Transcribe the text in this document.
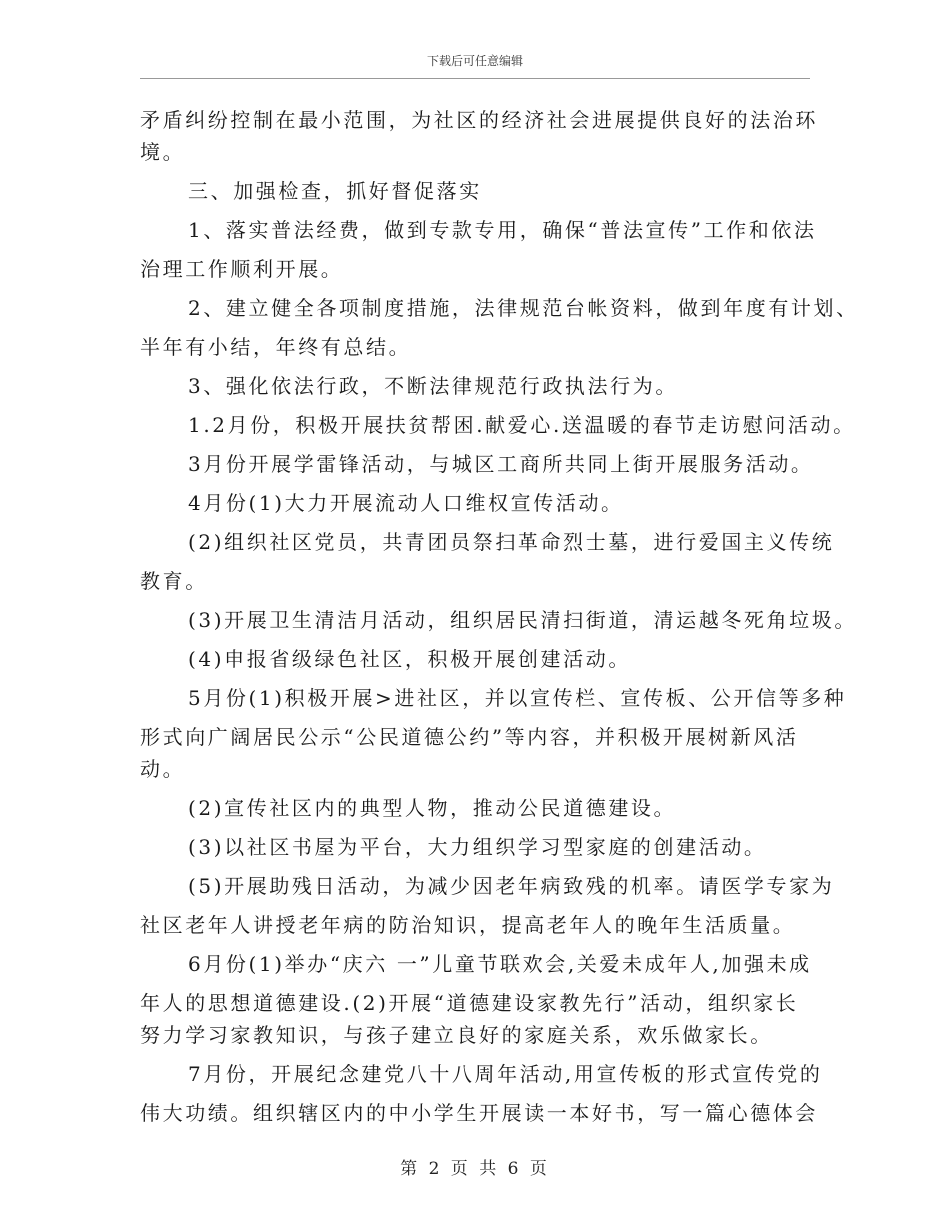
下载后可任意编辑
矛盾纠纷控制在最小范围，为社区的经济社会进展提供良好的法治环
境。
三、加强检查，抓好督促落实
1、落实普法经费，做到专款专用，确保“普法宣传”工作和依法
治理工作顺利开展。
2、建立健全各项制度措施，法律规范台帐资料，做到年度有计划、
半年有小结，年终有总结。
3、强化依法行政，不断法律规范行政执法行为。
1.2月份，积极开展扶贫帮困.献爱心.送温暖的春节走访慰问活动。
3月份开展学雷锋活动，与城区工商所共同上街开展服务活动。
4月份(1)大力开展流动人口维权宣传活动。
(2)组织社区党员，共青团员祭扫革命烈士墓，进行爱国主义传统
教育。
(3)开展卫生清洁月活动，组织居民清扫街道，清运越冬死角垃圾。
(4)申报省级绿色社区，积极开展创建活动。
5月份(1)积极开展>进社区，并以宣传栏、宣传板、公开信等多种
形式向广阔居民公示“公民道德公约”等内容，并积极开展树新风活
动。
(2)宣传社区内的典型人物，推动公民道德建设。
(3)以社区书屋为平台，大力组织学习型家庭的创建活动。
(5)开展助残日活动，为减少因老年病致残的机率。请医学专家为
社区老年人讲授老年病的防治知识，提高老年人的晚年生活质量。
6月份(1)举办“庆六 一”儿童节联欢会,关爱未成年人,加强未成
年人的思想道德建设.(2)开展“道德建设家教先行”活动，组织家长
努力学习家教知识，与孩子建立良好的家庭关系，欢乐做家长。
7月份，开展纪念建党八十八周年活动,用宣传板的形式宣传党的
伟大功绩。组织辖区内的中小学生开展读一本好书，写一篇心德体会
第 2 页 共 6 页
